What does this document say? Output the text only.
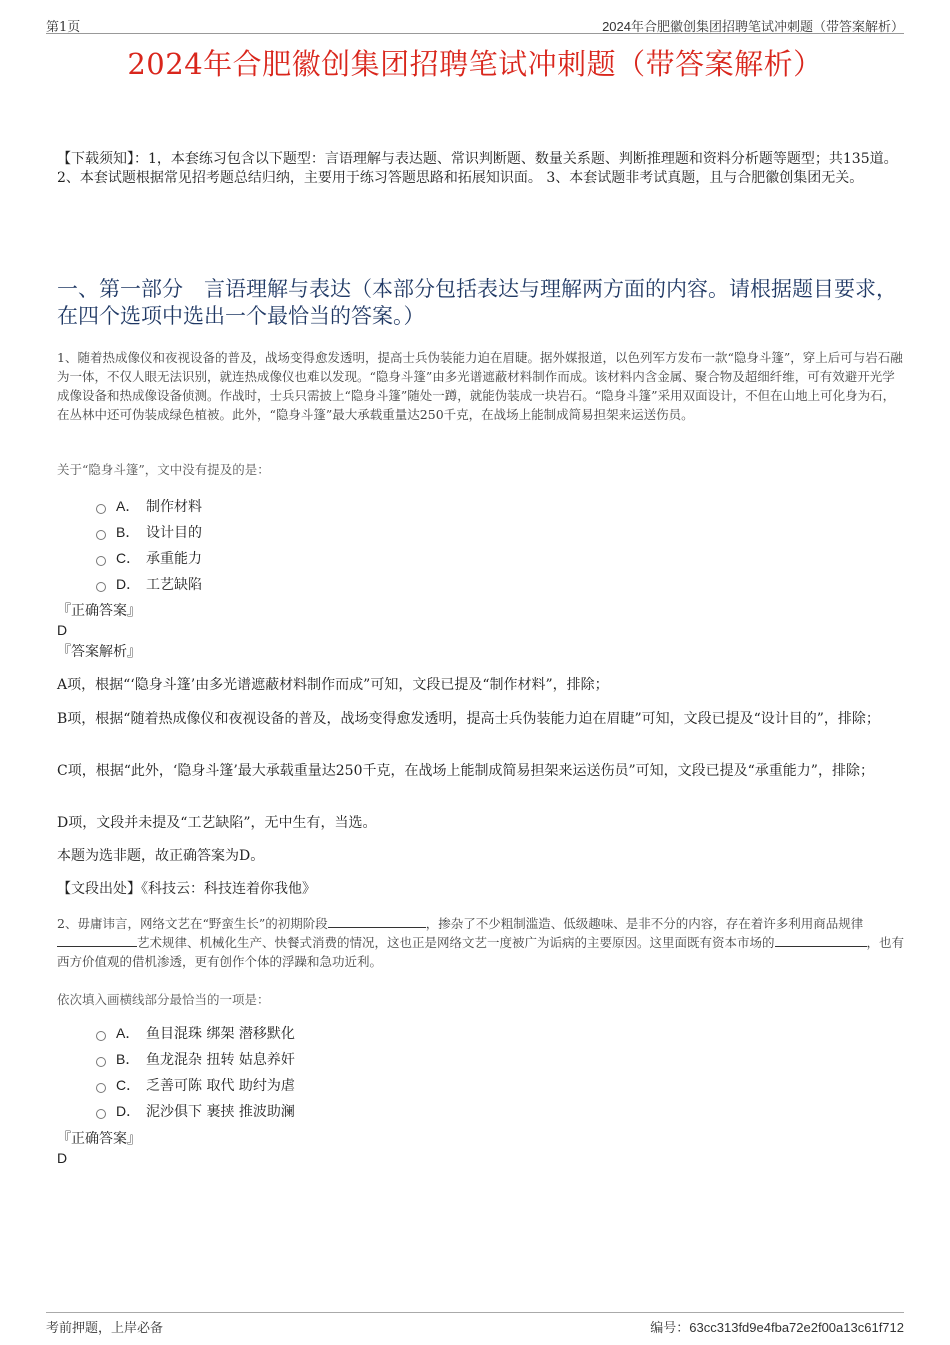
第1页	2024年合肥徽创集团招聘笔试冲刺题（带答案解析）
2024年合肥徽创集团招聘笔试冲刺题（带答案解析）
【下载须知】：1，本套练习包含以下题型：言语理解与表达题、常识判断题、数量关系题、判断推理题和资料分析题等题型；共135道。 2、本套试题根据常见招考题总结归纳，主要用于练习答题思路和拓展知识面。 3、本套试题非考试真题，且与合肥徽创集团无关。
一、第一部分　言语理解与表达（本部分包括表达与理解两方面的内容。请根据题目要求，在四个选项中选出一个最恰当的答案。）
1、随着热成像仪和夜视设备的普及，战场变得愈发透明，提高士兵伪装能力迫在眉睫。据外媒报道，以色列军方发布一款“隐身斗篷”，穿上后可与岩石融为一体，不仅人眼无法识别，就连热成像仪也难以发现。“隐身斗篷”由多光谱遮蔽材料制作而成。该材料内含金属、聚合物及超细纤维，可有效避开光学成像设备和热成像设备侦测。作战时，士兵只需披上“隐身斗篷”随处一蹲，就能伪装成一块岩石。“隐身斗篷”采用双面设计，不但在山地上可化身为石，在丛林中还可伪装成绿色植被。此外，“隐身斗篷”最大承载重量达250千克，在战场上能制成简易担架来运送伤员。
关于“隐身斗篷”，文中没有提及的是：
A． 制作材料
B． 设计目的
C． 承重能力
D． 工艺缺陷
『正确答案』
D
『答案解析』
A项，根据“‘隐身斗篷’由多光谱遮蔽材料制作而成”可知，文段已提及“制作材料”，排除；
B项，根据“随着热成像仪和夜视设备的普及，战场变得愈发透明，提高士兵伪装能力迫在眉睫”可知，文段已提及“设计目的”，排除；
C项，根据“此外，‘隐身斗篷’最大承载重量达250千克，在战场上能制成简易担架来运送伤员”可知，文段已提及“承重能力”，排除；
D项，文段并未提及“工艺缺陷”，无中生有，当选。
本题为选非题，故正确答案为D。
【文段出处】《科技云：科技连着你我他》
2、毋庸讳言，网络文艺在“野蛮生长”的初期阶段	，掺杂了不少粗制滥造、低级趣味、是非不分的内容，存在着许多利用商品规律艺术规律、机械化生产、快餐式消费的情况，这也正是网络文艺一度被广为诟病的主要原因。这里面既有资本市场的	，也有西方价值观的借机渗透，更有创作个体的浮躁和急功近利。
依次填入画横线部分最恰当的一项是：
A． 鱼目混珠 绑架 潜移默化
B． 鱼龙混杂 扭转 姑息养奸
C． 乏善可陈 取代 助纣为虐
D． 泥沙俱下 裹挟 推波助澜
『正确答案』
D
考前押题，上岸必备	编号：63cc313fd9e4fba72e2f00a13c61f712
